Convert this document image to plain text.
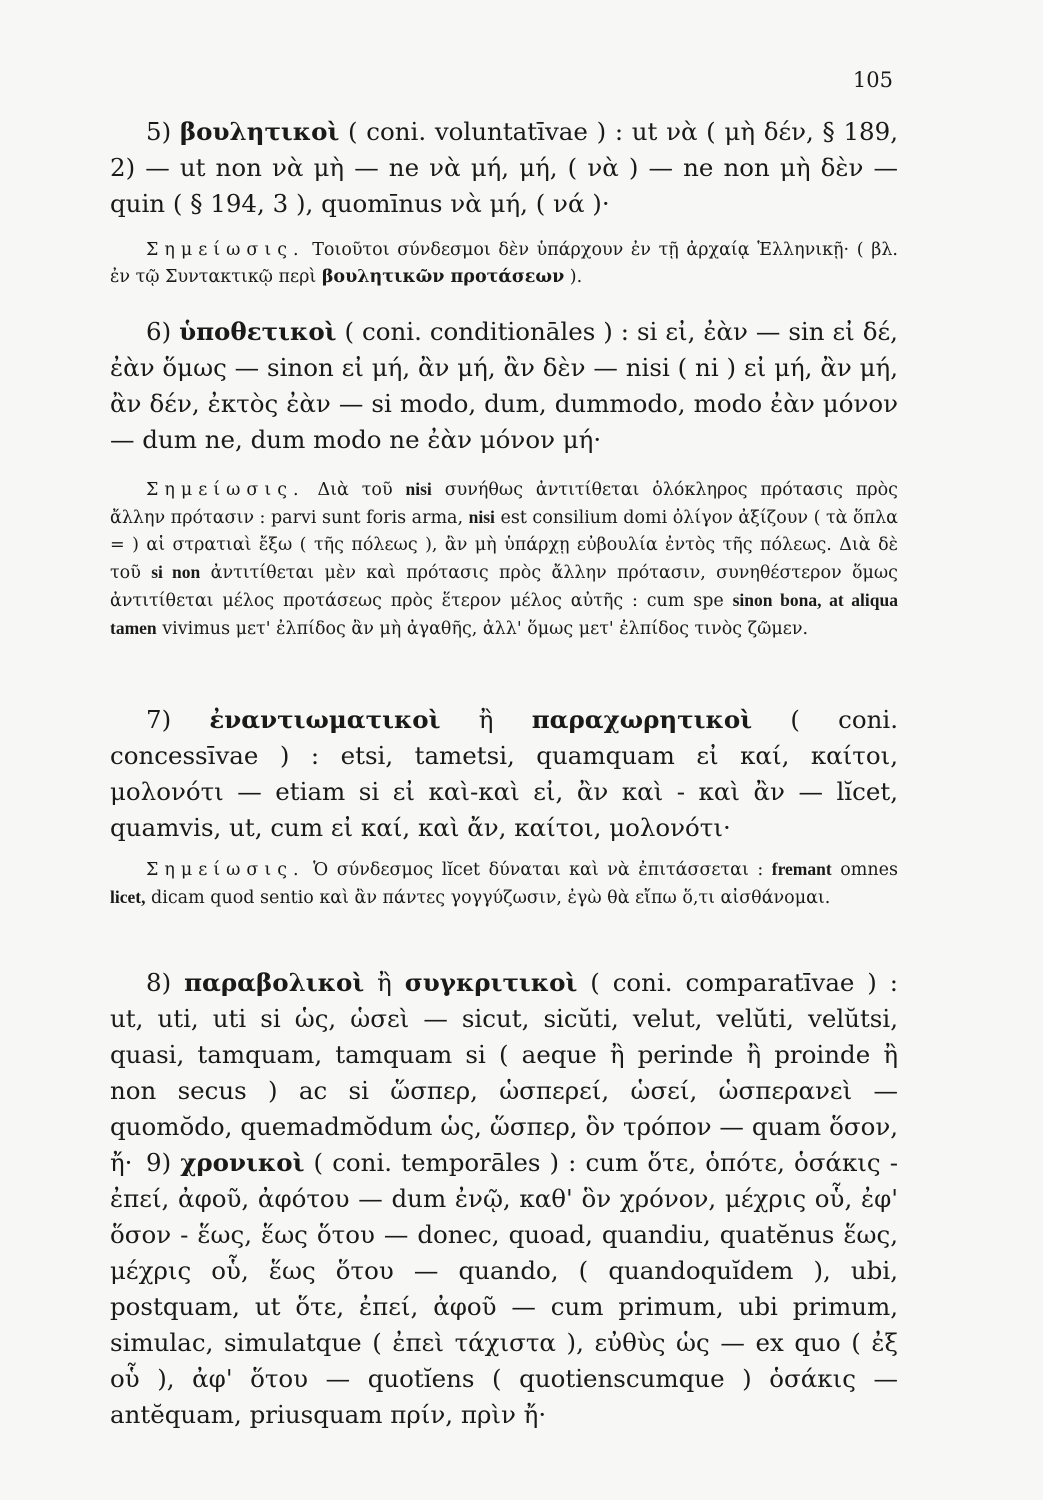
105

5) βουλητικοὶ ( coni. voluntatīvae ) : ut νὰ ( μὴ δέν, § 189, 2) — ut non νὰ μὴ — ne νὰ μή, μή, ( νὰ ) — ne non μὴ δὲν — quin ( § 194, 3 ), quomīnus νὰ μή, ( νά )·

Σημείωσις. Τοιοῦτοι σύνδεσμοι δὲν ὑπάρχουν ἐν τῇ ἀρχαίᾳ Ἑλληνικῇ· ( βλ. ἐν τῷ Συντακτικῷ περὶ βουλητικῶν προτάσεων ).

6) ὑποθετικοὶ ( coni. conditionāles ) : si εἰ, ἐὰν — sin εἰ δέ, ἐὰν ὅμως — sinon εἰ μή, ἂν μή, ἂν δὲν — nisi ( ni ) εἰ μή, ἂν μή, ἂν δέν, ἐκτὸς ἐὰν — si modo, dum, dummodo, modo ἐὰν μόνον — dum ne, dum modo ne ἐὰν μόνον μή·

Σημείωσις. Διὰ τοῦ nisi συνήθως ἀντιτίθεται ὁλόκληρος πρότασις πρὸς ἄλλην πρότασιν : parvi sunt foris arma, nisi est consilium domi ὀλίγον ἀξίζουν ( τὰ ὅπλα = ) αἱ στρατιαὶ ἔξω ( τῆς πόλεως ), ἂν μὴ ὑπάρχῃ εὐβουλία ἐντὸς τῆς πόλεως. Διὰ δὲ τοῦ si non ἀντιτίθεται μὲν καὶ πρότασις πρὸς ἄλλην πρότασιν, συνηθέστερον ὅμως ἀντιτίθεται μέλος προτάσεως πρὸς ἕτερον μέλος αὐτῆς : cum spe sinon bona, at aliqua tamen vivimus μετ' ἐλπίδος ἂν μὴ ἀγαθῆς, ἀλλ' ὅμως μετ' ἐλπίδος τινὸς ζῶμεν.

7) ἐναντιωματικοὶ ἢ παραχωρητικοὶ ( coni. concessīvae ) : etsi, tametsi, quamquam εἰ καί, καίτοι, μολονότι — etiam si εἰ καὶ-καὶ εἰ, ἂν καὶ - καὶ ἂν — lĭcet, quamvis, ut, cum εἰ καί, καὶ ἄν, καίτοι, μολονότι·

Σημείωσις. Ὁ σύνδεσμος lĭcet δύναται καὶ νὰ ἐπιτάσσεται : fremant omnes licet, dicam quod sentio καὶ ἂν πάντες γογγύζωσιν, ἐγὼ θὰ εἴπω ὅ,τι αἰσθάνομαι.

8) παραβολικοὶ ἢ συγκριτικοὶ ( coni. comparatīvae ) : ut, uti, uti si ὡς, ὡσεὶ — sicut, sicŭti, velut, velŭti, velŭtsi, quasi, tamquam, tamquam si ( aeque ἢ perinde ἢ proinde ἢ non secus ) ac si ὥσπερ, ὡσπερεί, ὡσεί, ὡσπερανεὶ — quomŏdo, quemadmŏdum ὡς, ὥσπερ, ὃν τρόπον — quam ὅσον, ἤ· 9) χρονικοὶ ( coni. temporāles ) : cum ὅτε, ὁπότε, ὁσάκις - ἐπεί, ἀφοῦ, ἀφότου — dum ἐνῷ, καθ' ὃν χρόνον, μέχρις οὗ, ἐφ' ὅσον - ἕως, ἕως ὅτου — donec, quoad, quandiu, quatĕnus ἕως, μέχρις οὗ, ἕως ὅτου — quando, ( quandoquĭdem ), ubi, postquam, ut ὅτε, ἐπεί, ἀφοῦ — cum primum, ubi primum, simulac, simulatque ( ἐπεὶ τάχιστα ), εὐθὺς ὡς — ex quo ( ἐξ οὗ ), ἀφ' ὅτου — quotĭens ( quotienscumque ) ὁσάκις — antĕquam, priusquam πρίν, πρὶν ἤ·
